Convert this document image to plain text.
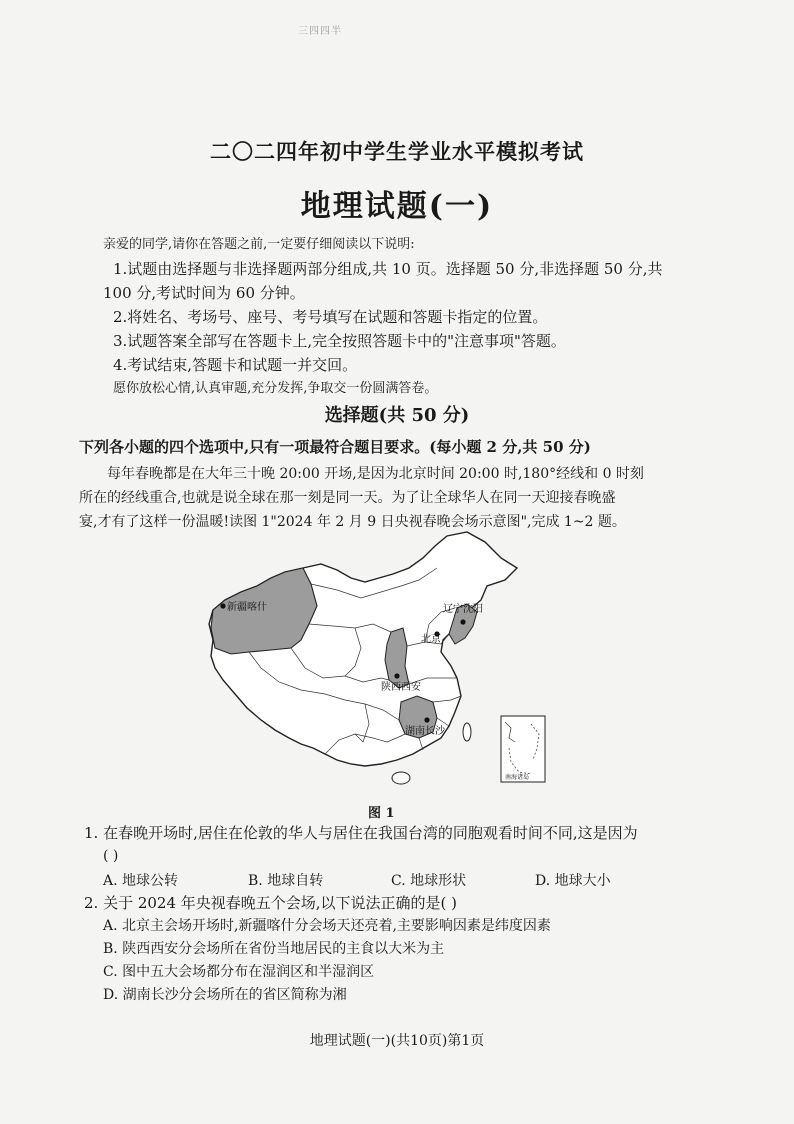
三四四半
二〇二四年初中学生学业水平模拟考试
地理试题(一)

亲爱的同学,请你在答题之前,一定要仔细阅读以下说明:

1.试题由选择题与非选择题两部分组成,共 10 页。选择题 50 分,非选择题 50 分,共

100 分,考试时间为 60 分钟。

2.将姓名、考场号、座号、考号填写在试题和答题卡指定的位置。

3.试题答案全部写在答题卡上,完全按照答题卡中的"注意事项"答题。

4.考试结束,答题卡和试题一并交回。

愿你放松心情,认真审题,充分发挥,争取交一份圆满答卷。

选择题(共 50 分)
下列各小题的四个选项中,只有一项最符合题目要求。(每小题 2 分,共 50 分)

每年春晚都是在大年三十晚 20:00 开场,是因为北京时间 20:00 时,180°经线和 0 时刻

所在的经线重合,也就是说全球在那一刻是同一天。为了让全球华人在同一天迎接春晚盛

宴,才有了这样一份温暖!读图 1"2024 年 2 月 9 日央视春晚会场示意图",完成 1~2 题。

新疆喀什	辽宁沈阳
北京
陕西西安
湖南长沙
南海诸岛
图 1
1. 在春晚开场时,居住在伦敦的华人与居住在我国台湾的同胞观看时间不同,这是因为
( )
A. 地球公转	B. 地球自转	C. 地球形状	D. 地球大小
2. 关于 2024 年央视春晚五个会场,以下说法正确的是( )
A. 北京主会场开场时,新疆喀什分会场天还亮着,主要影响因素是纬度因素
B. 陕西西安分会场所在省份当地居民的主食以大米为主
C. 图中五大会场都分布在湿润区和半湿润区
D. 湖南长沙分会场所在的省区简称为湘
地理试题(一)(共10页)第1页
